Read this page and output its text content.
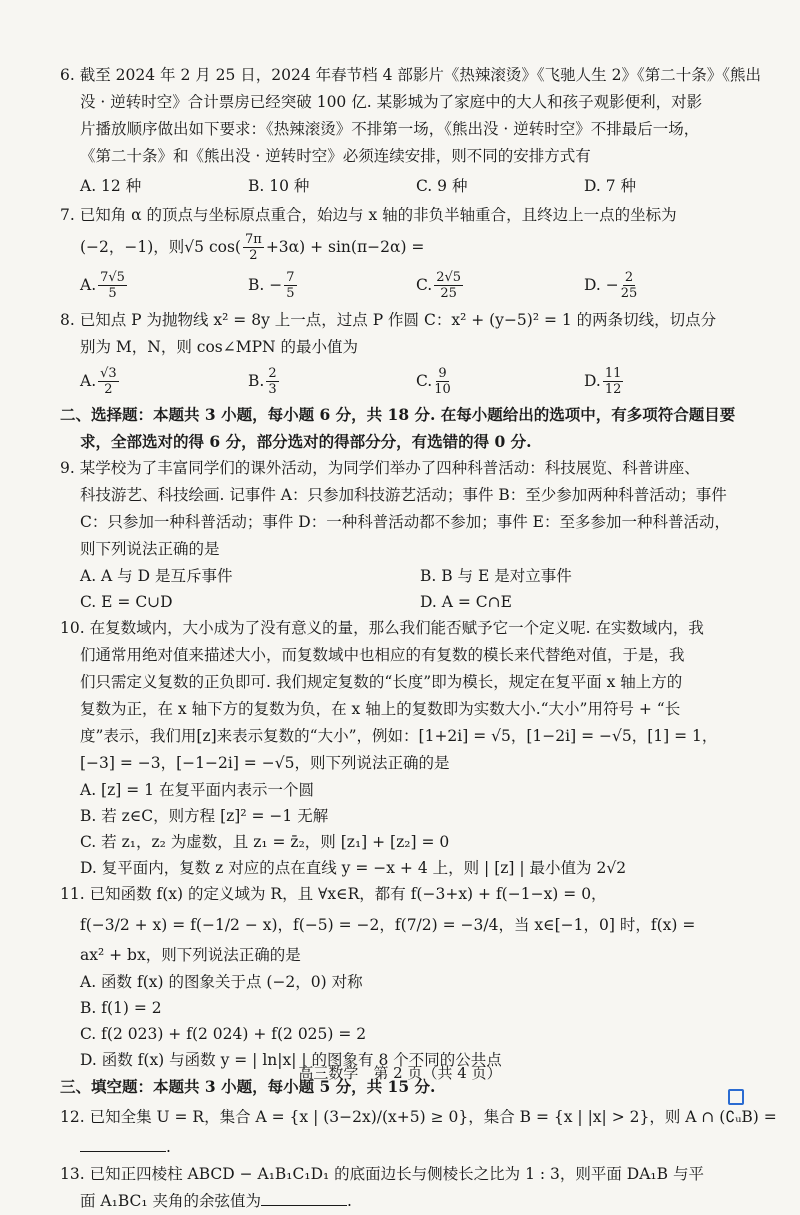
6. 截至 2024 年 2 月 25 日，2024 年春节档 4 部影片《热辣滚烫》《飞驰人生 2》《第二十条》《熊出
没 · 逆转时空》合计票房已经突破 100 亿. 某影城为了家庭中的大人和孩子观影便利，对影
片播放顺序做出如下要求：《热辣滚烫》不排第一场，《熊出没 · 逆转时空》不排最后一场，
《第二十条》和《熊出没 · 逆转时空》必须连续安排，则不同的安排方式有
A. 12 种	B. 10 种	C. 9 种	D. 7 种
7. 已知角 α 的顶点与坐标原点重合，始边与 x 轴的非负半轴重合，且终边上一点的坐标为
(−2，−1)，则√5 $\cos( \frac{7\pi}{2} +3\alpha) + \sin(\pi-2\alpha)$ =
A. $\frac{7√5}{5}$	B. − $\frac{7}{5}$	C. $\frac{2√5}{25}$	D. − $\frac{2}{25}$
8. 已知点 P 为抛物线 x² = 8y 上一点，过点 P 作圆 C：x² + (y−5)² = 1 的两条切线，切点分
别为 M，N，则 cos∠MPN 的最小值为
A. $\frac{√3}{2}$	B. $\frac{2}{3}$	C. $\frac{9}{10}$	D. $\frac{11}{12}$
二、选择题：本题共 3 小题，每小题 6 分，共 18 分. 在每小题给出的选项中，有多项符合题目要
求，全部选对的得 6 分，部分选对的得部分分，有选错的得 0 分.
9. 某学校为了丰富同学们的课外活动，为同学们举办了四种科普活动：科技展览、科普讲座、
科技游艺、科技绘画. 记事件 A：只参加科技游艺活动；事件 B：至少参加两种科普活动；事件
C：只参加一种科普活动；事件 D：一种科普活动都不参加；事件 E：至多参加一种科普活动，
则下列说法正确的是
A. A 与 D 是互斥事件	B. B 与 E 是对立事件
C. E = C∪D	D. A = C∩E
10. 在复数域内，大小成为了没有意义的量，那么我们能否赋予它一个定义呢. 在实数域内，我
们通常用绝对值来描述大小，而复数域中也相应的有复数的模长来代替绝对值，于是，我
们只需定义复数的正负即可. 我们规定复数的“长度”即为模长，规定在复平面 x 轴上方的
复数为正，在 x 轴下方的复数为负，在 x 轴上的复数即为实数大小.“大小”用符号 + “长
度”表示，我们用[z]来表示复数的“大小”，例如：[1+2i] = √5，[1−2i] = −√5，[1] = 1，
[−3] = −3，[−1−2i] = −√5，则下列说法正确的是
A. [z] = 1 在复平面内表示一个圆
B. 若 z∈C，则方程 [z]² = −1 无解
C. 若 z₁，z₂ 为虚数，且 z₁ = z̄₂，则 [z₁] + [z₂] = 0
D. 复平面内，复数 z 对应的点在直线 y = −x + 4 上，则 | [z] | 最小值为 2√2
11. 已知函数 f(x) 的定义域为 R，且 ∀x∈R，都有 f(−3+x) + f(−1−x) = 0，
f(−3/2 + x) = f(−1/2 − x)，f(−5) = −2，f(7/2) = −3/4，当 x∈[−1，0] 时，f(x) =
ax² + bx，则下列说法正确的是
A. 函数 f(x) 的图象关于点 (−2，0) 对称
B. f(1) = 2
C. f(2 023) + f(2 024) + f(2 025) = 2
D. 函数 f(x) 与函数 y = | ln|x| | 的图象有 8 个不同的公共点
三、填空题：本题共 3 小题，每小题 5 分，共 15 分.
12. 已知全集 U = R，集合 A = {x | (3−2x)/(x+5) ≥ 0}，集合 B = {x | |x| > 2}，则 A ∩ (∁ᵤB) =
.
13. 已知正四棱柱 ABCD − A₁B₁C₁D₁ 的底面边长与侧棱长之比为 1 : 3，则平面 DA₁B 与平
面 A₁BC₁ 夹角的余弦值为	.
高三数学　第 2 页（共 4 页）
